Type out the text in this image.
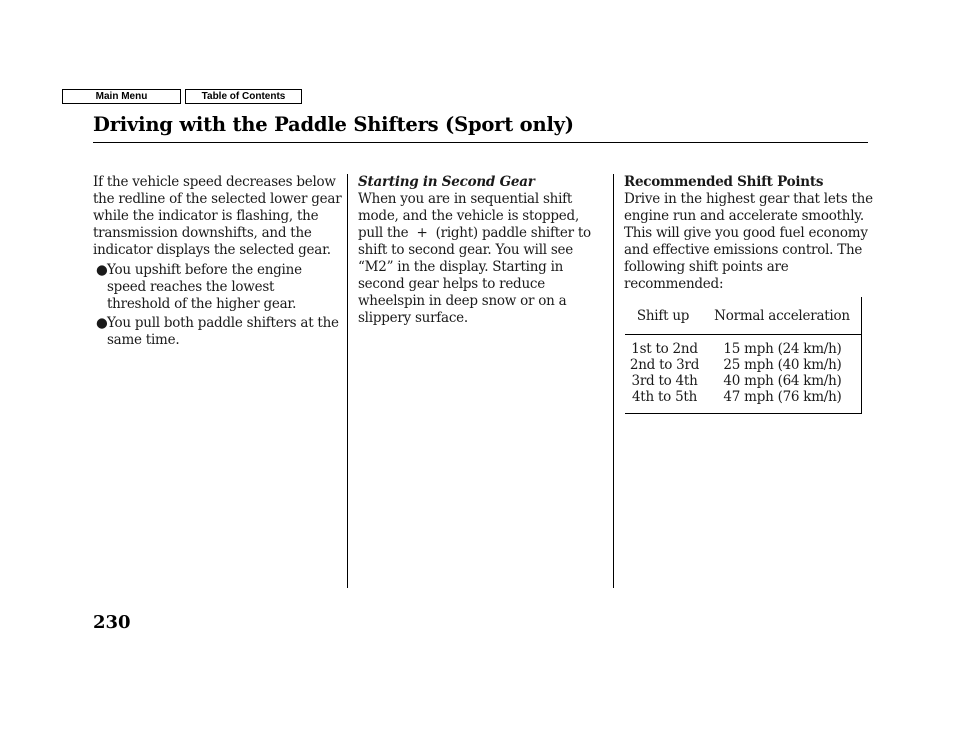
Main Menu	Table of Contents
Driving with the Paddle Shifters (Sport only)

If the vehicle speed decreases below
the redline of the selected lower gear
while the indicator is flashing, the
transmission downshifts, and the
indicator displays the selected gear.

● You upshift before the engine
speed reaches the lowest
threshold of the higher gear.
● You pull both paddle shifters at the
same time.

Starting in Second Gear

When you are in sequential shift
mode, and the vehicle is stopped,
pull the  +  (right) paddle shifter to
shift to second gear. You will see
“M2” in the display. Starting in
second gear helps to reduce
wheelspin in deep snow or on a
slippery surface.

Recommended Shift Points

Drive in the highest gear that lets the
engine run and accelerate smoothly.
This will give you good fuel economy
and effective emissions control. The
following shift points are
recommended:

Shift up	Normal acceleration
1st to 2nd	15 mph (24 km/h)
2nd to 3rd	25 mph (40 km/h)
3rd to 4th	40 mph (64 km/h)
4th to 5th	47 mph (76 km/h)
230
